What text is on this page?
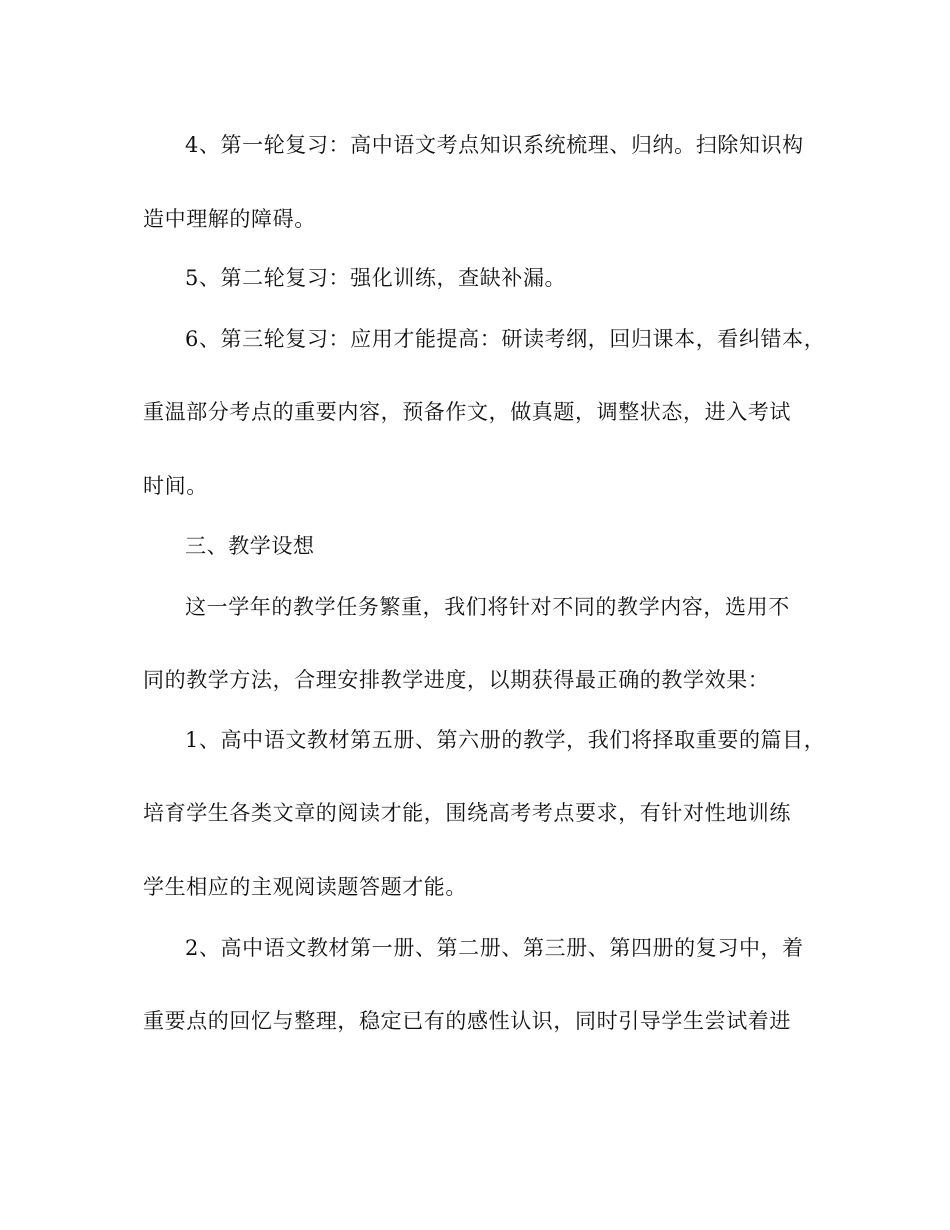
4、第一轮复习：高中语文考点知识系统梳理、归纳。扫除知识构
造中理解的障碍。
5、第二轮复习：强化训练，查缺补漏。
6、第三轮复习：应用才能提高：研读考纲，回归课本，看纠错本，
重温部分考点的重要内容，预备作文，做真题，调整状态，进入考试
时间。
三、教学设想
这一学年的教学任务繁重，我们将针对不同的教学内容，选用不
同的教学方法，合理安排教学进度，以期获得最正确的教学效果：
1、高中语文教材第五册、第六册的教学，我们将择取重要的篇目，
培育学生各类文章的阅读才能，围绕高考考点要求，有针对性地训练
学生相应的主观阅读题答题才能。
2、高中语文教材第一册、第二册、第三册、第四册的复习中，着
重要点的回忆与整理，稳定已有的感性认识，同时引导学生尝试着进
